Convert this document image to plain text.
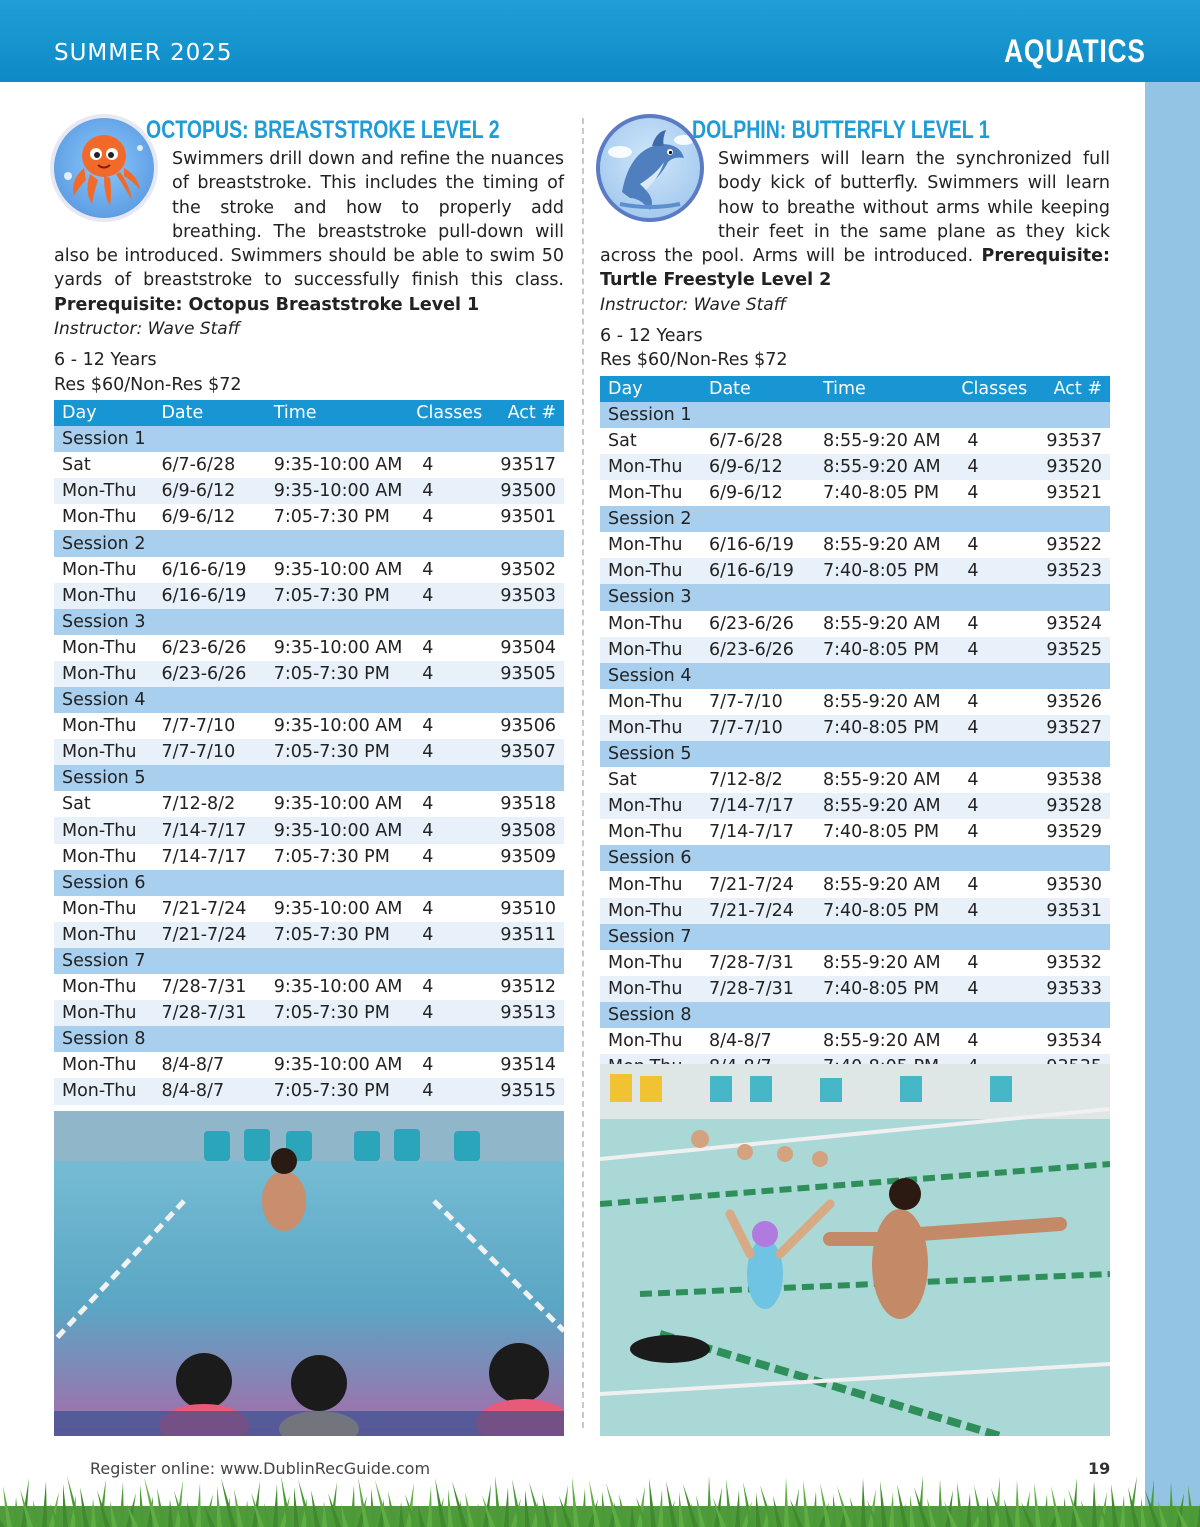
SUMMER 2025	AQUATICS
OCTOPUS: BREASTSTROKE LEVEL 2

Swimmers drill down and refine the nuances of breaststroke. This includes the timing of the stroke and how to properly add breathing. The breaststroke pull-down will also be introduced. Swimmers should be able to swim 50 yards of breaststroke to successfully finish this class. Prerequisite: Octopus Breaststroke Level 1

Instructor: Wave Staff
6 - 12 Years
Res $60/Non-Res $72
Day	Date	Time	Classes	Act #
Session 1				
Sat	6/7-6/28	9:35-10:00 AM	4	93517
Mon-Thu	6/9-6/12	9:35-10:00 AM	4	93500
Mon-Thu	6/9-6/12	7:05-7:30 PM	4	93501
Session 2				
Mon-Thu	6/16-6/19	9:35-10:00 AM	4	93502
Mon-Thu	6/16-6/19	7:05-7:30 PM	4	93503
Session 3				
Mon-Thu	6/23-6/26	9:35-10:00 AM	4	93504
Mon-Thu	6/23-6/26	7:05-7:30 PM	4	93505
Session 4				
Mon-Thu	7/7-7/10	9:35-10:00 AM	4	93506
Mon-Thu	7/7-7/10	7:05-7:30 PM	4	93507
Session 5				
Sat	7/12-8/2	9:35-10:00 AM	4	93518
Mon-Thu	7/14-7/17	9:35-10:00 AM	4	93508
Mon-Thu	7/14-7/17	7:05-7:30 PM	4	93509
Session 6				
Mon-Thu	7/21-7/24	9:35-10:00 AM	4	93510
Mon-Thu	7/21-7/24	7:05-7:30 PM	4	93511
Session 7				
Mon-Thu	7/28-7/31	9:35-10:00 AM	4	93512
Mon-Thu	7/28-7/31	7:05-7:30 PM	4	93513
Session 8				
Mon-Thu	8/4-8/7	9:35-10:00 AM	4	93514
Mon-Thu	8/4-8/7	7:05-7:30 PM	4	93515
DOLPHIN: BUTTERFLY LEVEL 1

Swimmers will learn the synchronized full body kick of butterfly. Swimmers will learn how to breathe without arms while keeping their feet in the same plane as they kick across the pool. Arms will be introduced. Prerequisite: Turtle Freestyle Level 2

Instructor: Wave Staff
6 - 12 Years
Res $60/Non-Res $72
Day	Date	Time	Classes	Act #
Session 1				
Sat	6/7-6/28	8:55-9:20 AM	4	93537
Mon-Thu	6/9-6/12	8:55-9:20 AM	4	93520
Mon-Thu	6/9-6/12	7:40-8:05 PM	4	93521
Session 2				
Mon-Thu	6/16-6/19	8:55-9:20 AM	4	93522
Mon-Thu	6/16-6/19	7:40-8:05 PM	4	93523
Session 3				
Mon-Thu	6/23-6/26	8:55-9:20 AM	4	93524
Mon-Thu	6/23-6/26	7:40-8:05 PM	4	93525
Session 4				
Mon-Thu	7/7-7/10	8:55-9:20 AM	4	93526
Mon-Thu	7/7-7/10	7:40-8:05 PM	4	93527
Session 5				
Sat	7/12-8/2	8:55-9:20 AM	4	93538
Mon-Thu	7/14-7/17	8:55-9:20 AM	4	93528
Mon-Thu	7/14-7/17	7:40-8:05 PM	4	93529
Session 6				
Mon-Thu	7/21-7/24	8:55-9:20 AM	4	93530
Mon-Thu	7/21-7/24	7:40-8:05 PM	4	93531
Session 7				
Mon-Thu	7/28-7/31	8:55-9:20 AM	4	93532
Mon-Thu	7/28-7/31	7:40-8:05 PM	4	93533
Session 8				
Mon-Thu	8/4-8/7	8:55-9:20 AM	4	93534

Register online: www.DublinRecGuide.com	19
